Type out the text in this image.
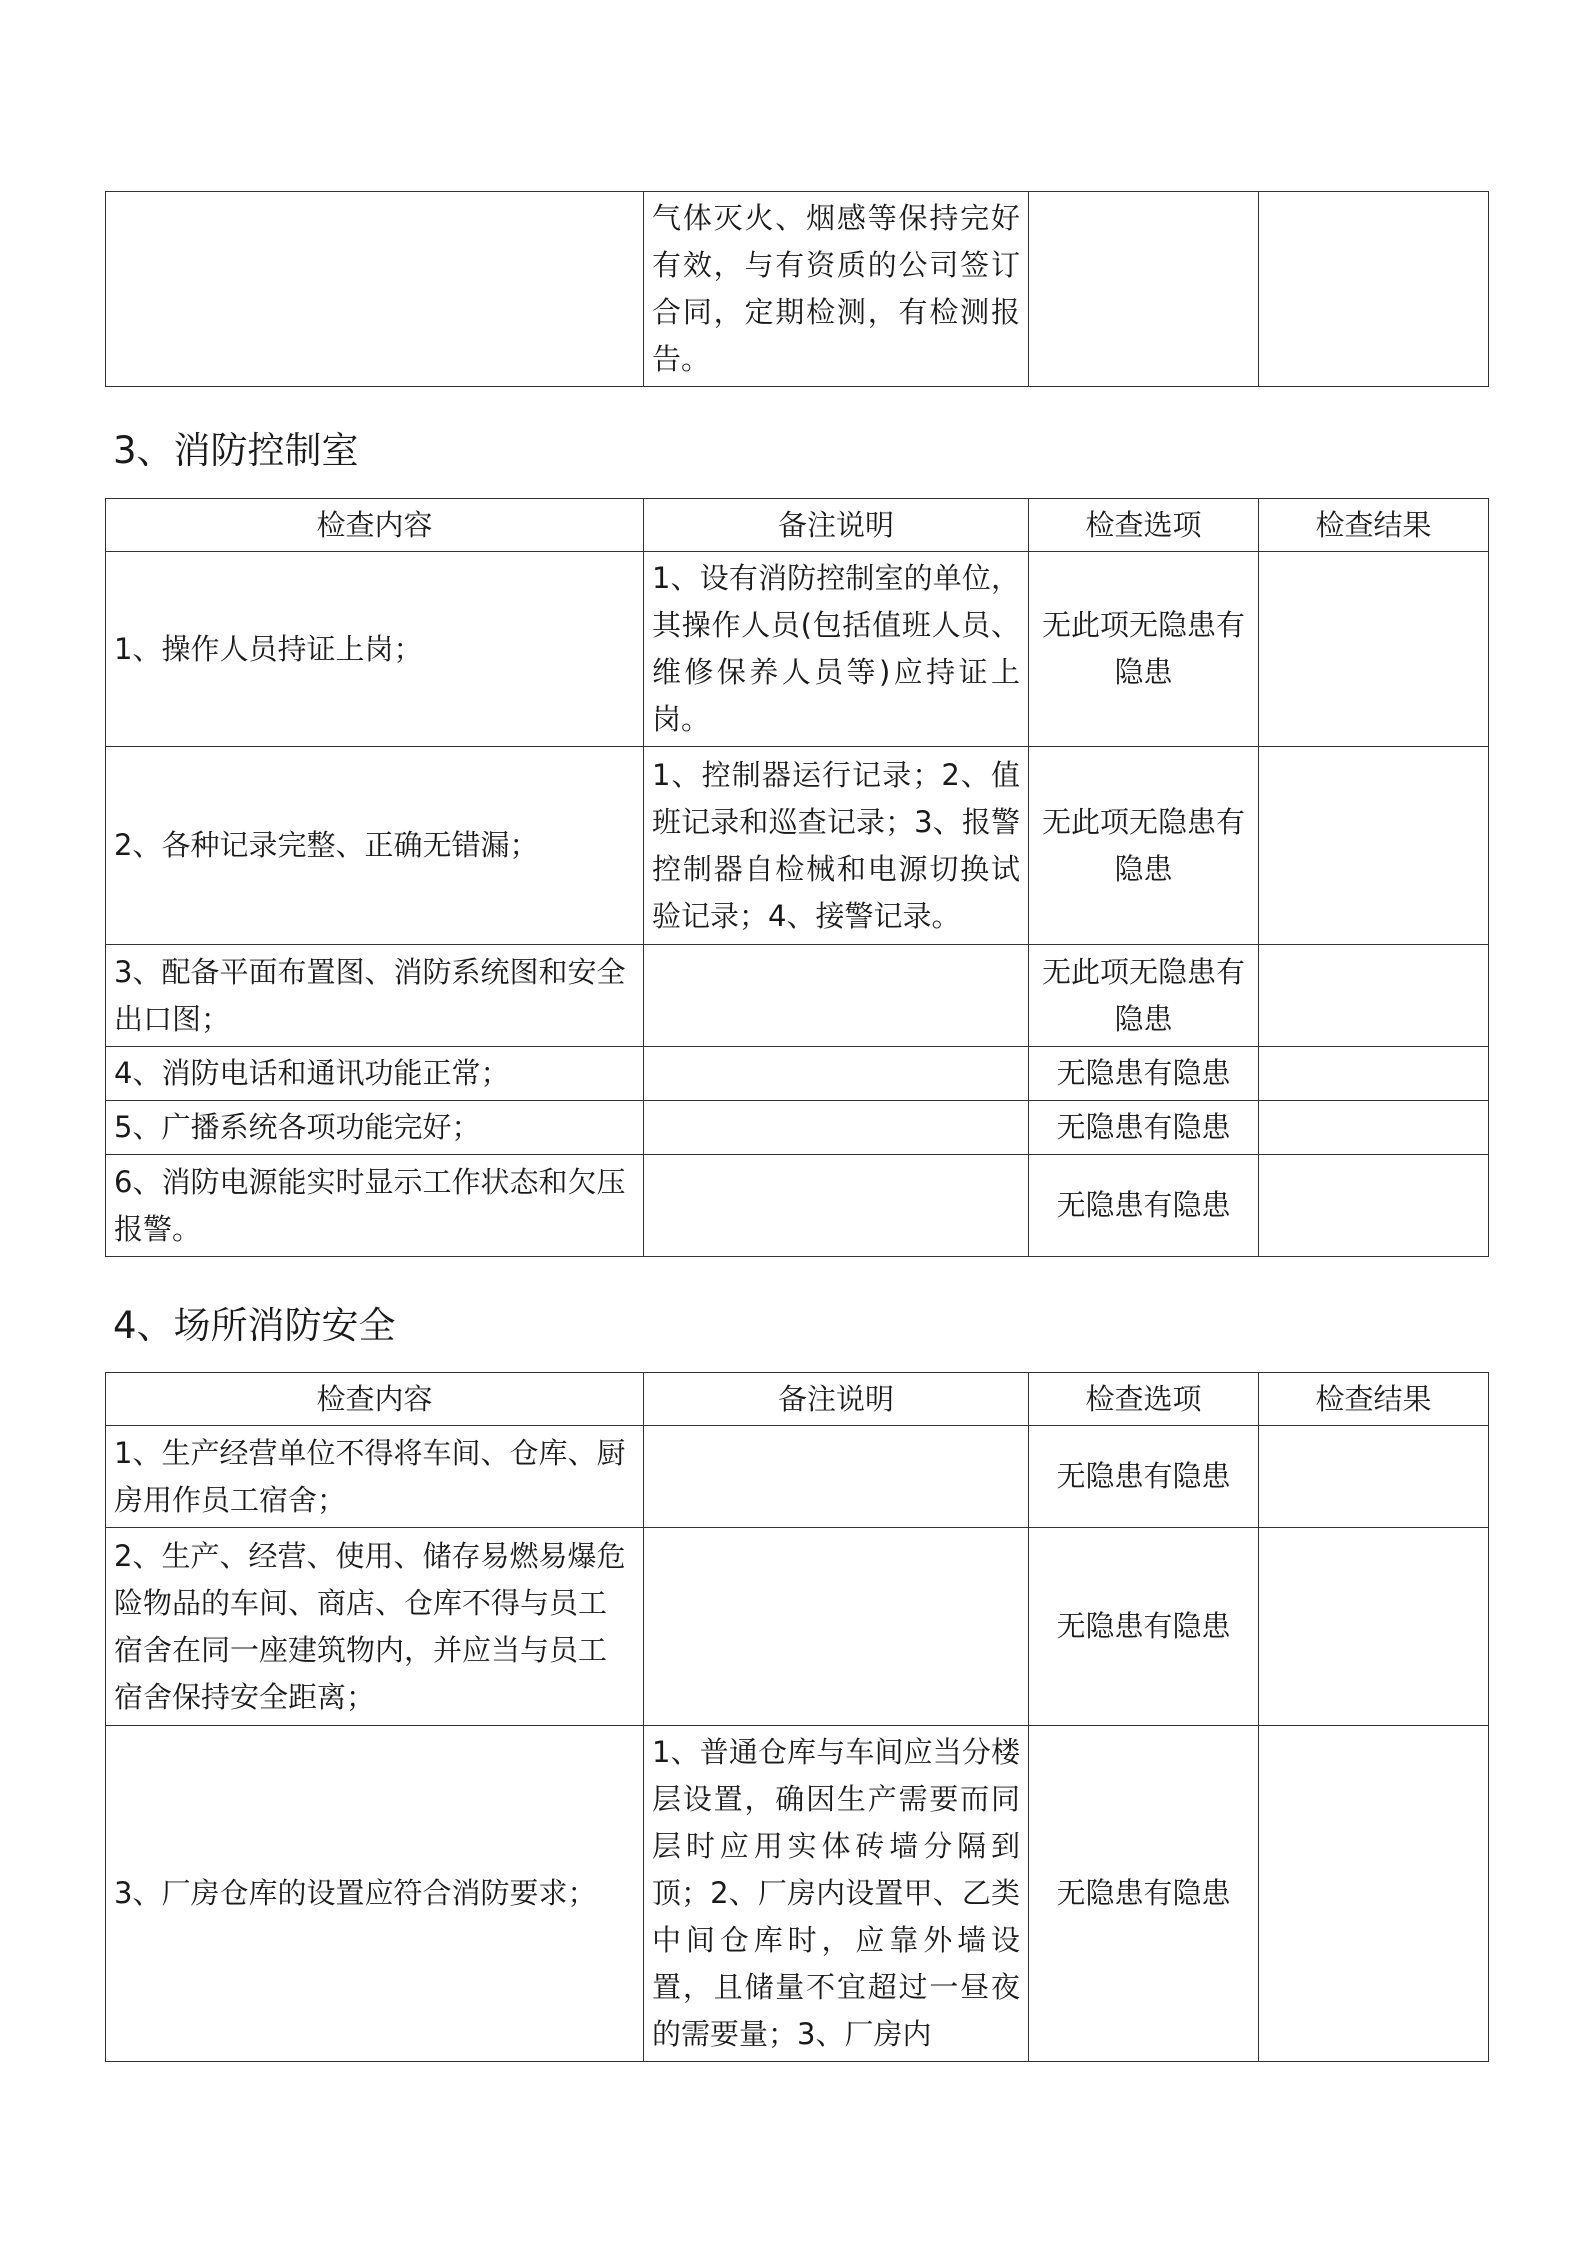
	气体灭火、烟感等保持完好有效，与有资质的公司签订合同，定期检测，有检测报告。		
3、消防控制室
检查内容	备注说明	检查选项	检查结果
1、操作人员持证上岗；	1、设有消防控制室的单位，其操作人员(包括值班人员、维修保养人员等)应持证上岗。	无此项无隐患有隐患	
2、各种记录完整、正确无错漏；	1、控制器运行记录；2、值班记录和巡查记录；3、报警控制器自检械和电源切换试验记录；4、接警记录。	无此项无隐患有隐患	
3、配备平面布置图、消防系统图和安全出口图；		无此项无隐患有隐患	
4、消防电话和通讯功能正常；		无隐患有隐患	
5、广播系统各项功能完好；		无隐患有隐患	
6、消防电源能实时显示工作状态和欠压报警。		无隐患有隐患	
4、场所消防安全
检查内容	备注说明	检查选项	检查结果
1、生产经营单位不得将车间、仓库、厨房用作员工宿舍；		无隐患有隐患	
2、生产、经营、使用、储存易燃易爆危险物品的车间、商店、仓库不得与员工宿舍在同一座建筑物内，并应当与员工宿舍保持安全距离；		无隐患有隐患	
3、厂房仓库的设置应符合消防要求；	1、普通仓库与车间应当分楼层设置，确因生产需要而同层时应用实体砖墙分隔到顶；2、厂房内设置甲、乙类中间仓库时，应靠外墙设置，且储量不宜超过一昼夜的需要量；3、厂房内	无隐患有隐患	
